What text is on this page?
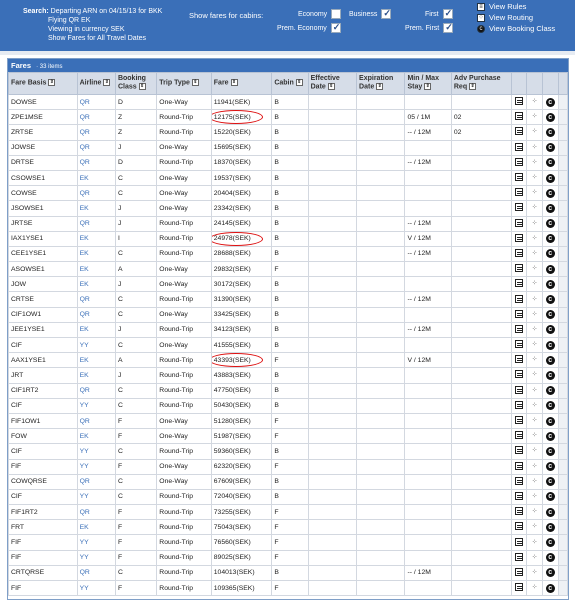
Search: Departing ARN on 04/15/13 for BKK
Flying QR EK
Viewing in currency SEK
Show Fares for All Travel Dates
Show fares for cabins:	Economy	Business ✓	First
✓
Prem. Economy ✓	Prem. First
✓
≡ View Rules
⁘ View Routing
c View Booking Class
Fares · 33 items
Fare Basis ⇕	Airline ⇕	Booking Class ⇕	Trip Type ⇕	Fare ⇕	Cabin ⇕	Effective Date ⇕	Expiration Date ⇕	Min / Max Stay ⇕	Adv Purchase Req ⇕				
DOWSE	QR	D	One-Way	11941(SEK)	B						⁘	c	
ZPE1MSE	QR	Z	Round-Trip	12175(SEK)	B			05 / 1M	02		⁘	c	
ZRTSE	QR	Z	Round-Trip	15220(SEK)	B			-- / 12M	02		⁘	c	
JOWSE	QR	J	One-Way	15695(SEK)	B						⁘	c	
DRTSE	QR	D	Round-Trip	18370(SEK)	B			-- / 12M			⁘	c	
CSOWSE1	EK	C	One-Way	19537(SEK)	B						⁘	c	
COWSE	QR	C	One-Way	20404(SEK)	B						⁘	c	
JSOWSE1	EK	J	One-Way	23342(SEK)	B						⁘	c	
JRTSE	QR	J	Round-Trip	24145(SEK)	B			-- / 12M			⁘	c	
IAX1YSE1	EK	I	Round-Trip	24978(SEK)	B			V / 12M			⁘	c	
CEE1YSE1	EK	C	Round-Trip	28688(SEK)	B			-- / 12M			⁘	c	
ASOWSE1	EK	A	One-Way	29832(SEK)	F						⁘	c	
JOW	EK	J	One-Way	30172(SEK)	B						⁘	c	
CRTSE	QR	C	Round-Trip	31390(SEK)	B			-- / 12M			⁘	c	
CIF1OW1	QR	C	One-Way	33425(SEK)	B						⁘	c	
JEE1YSE1	EK	J	Round-Trip	34123(SEK)	B			-- / 12M			⁘	c	
CIF	YY	C	One-Way	41555(SEK)	B						⁘	c	
AAX1YSE1	EK	A	Round-Trip	43393(SEK)	F			V / 12M			⁘	c	
JRT	EK	J	Round-Trip	43883(SEK)	B						⁘	c	
CIF1RT2	QR	C	Round-Trip	47750(SEK)	B						⁘	c	
CIF	YY	C	Round-Trip	50430(SEK)	B						⁘	c	
FIF1OW1	QR	F	One-Way	51280(SEK)	F						⁘	c	
FOW	EK	F	One-Way	51987(SEK)	F						⁘	c	
CIF	YY	C	Round-Trip	59360(SEK)	B						⁘	c	
FIF	YY	F	One-Way	62320(SEK)	F						⁘	c	
COWQRSE	QR	C	One-Way	67609(SEK)	B						⁘	c	
CIF	YY	C	Round-Trip	72040(SEK)	B						⁘	c	
FIF1RT2	QR	F	Round-Trip	73255(SEK)	F						⁘	c	
FRT	EK	F	Round-Trip	75043(SEK)	F						⁘	c	
FIF	YY	F	Round-Trip	76560(SEK)	F						⁘	c	
FIF	YY	F	Round-Trip	89025(SEK)	F						⁘	c	
CRTQRSE	QR	C	Round-Trip	104013(SEK)	B			-- / 12M			⁘	c	
FIF	YY	F	Round-Trip	109365(SEK)	F						⁘	c	
